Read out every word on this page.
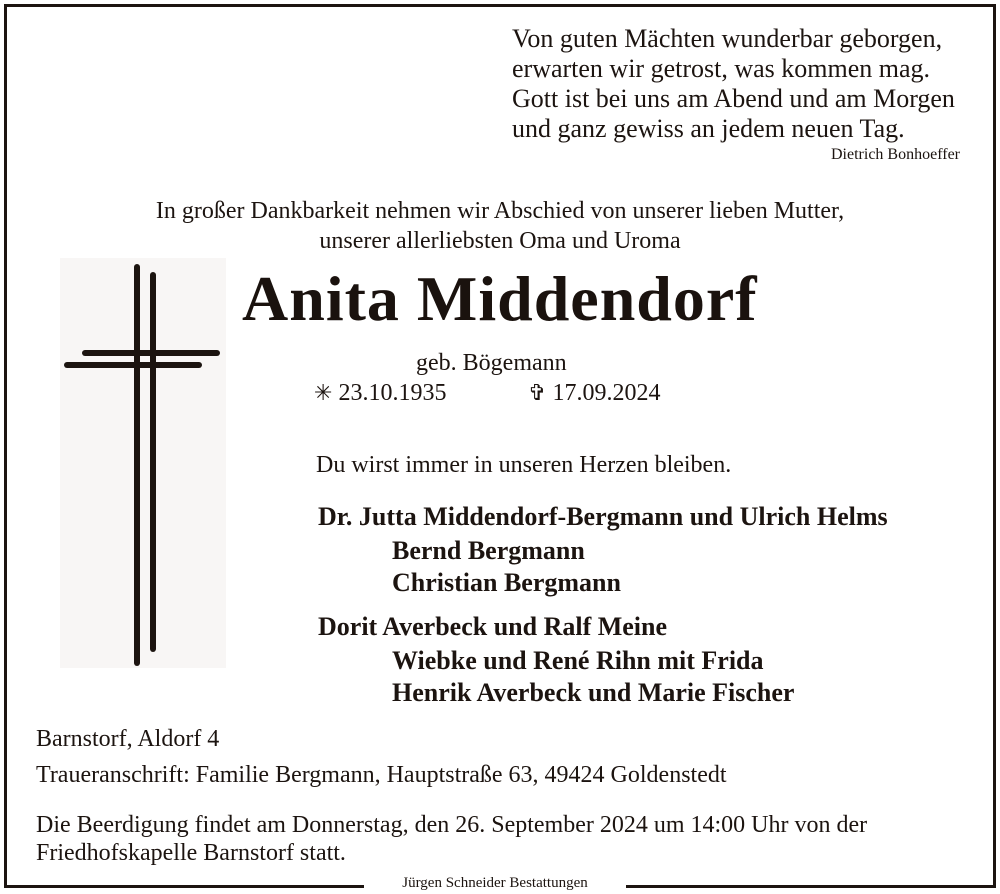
Jürgen Schneider Bestattungen
Von guten Mächten wunderbar geborgen,
erwarten wir getrost, was kommen mag.
Gott ist bei uns am Abend und am Morgen
und ganz gewiss an jedem neuen Tag.
Dietrich Bonhoeffer
In großer Dankbarkeit nehmen wir Abschied von unserer lieben Mutter,
unserer allerliebsten Oma und Uroma
Anita Middendorf
geb. Bögemann
✳ 23.10.1935	✞ 17.09.2024
Du wirst immer in unseren Herzen bleiben.
Dr. Jutta Middendorf-Bergmann und Ulrich Helms
Bernd Bergmann
Christian Bergmann
Dorit Averbeck und Ralf Meine
Wiebke und René Rihn mit Frida
Henrik Averbeck und Marie Fischer
Barnstorf, Aldorf 4
Traueranschrift: Familie Bergmann, Hauptstraße 63, 49424 Goldenstedt
Die Beerdigung findet am Donnerstag, den 26. September 2024 um 14:00 Uhr von der
Friedhofskapelle Barnstorf statt.
